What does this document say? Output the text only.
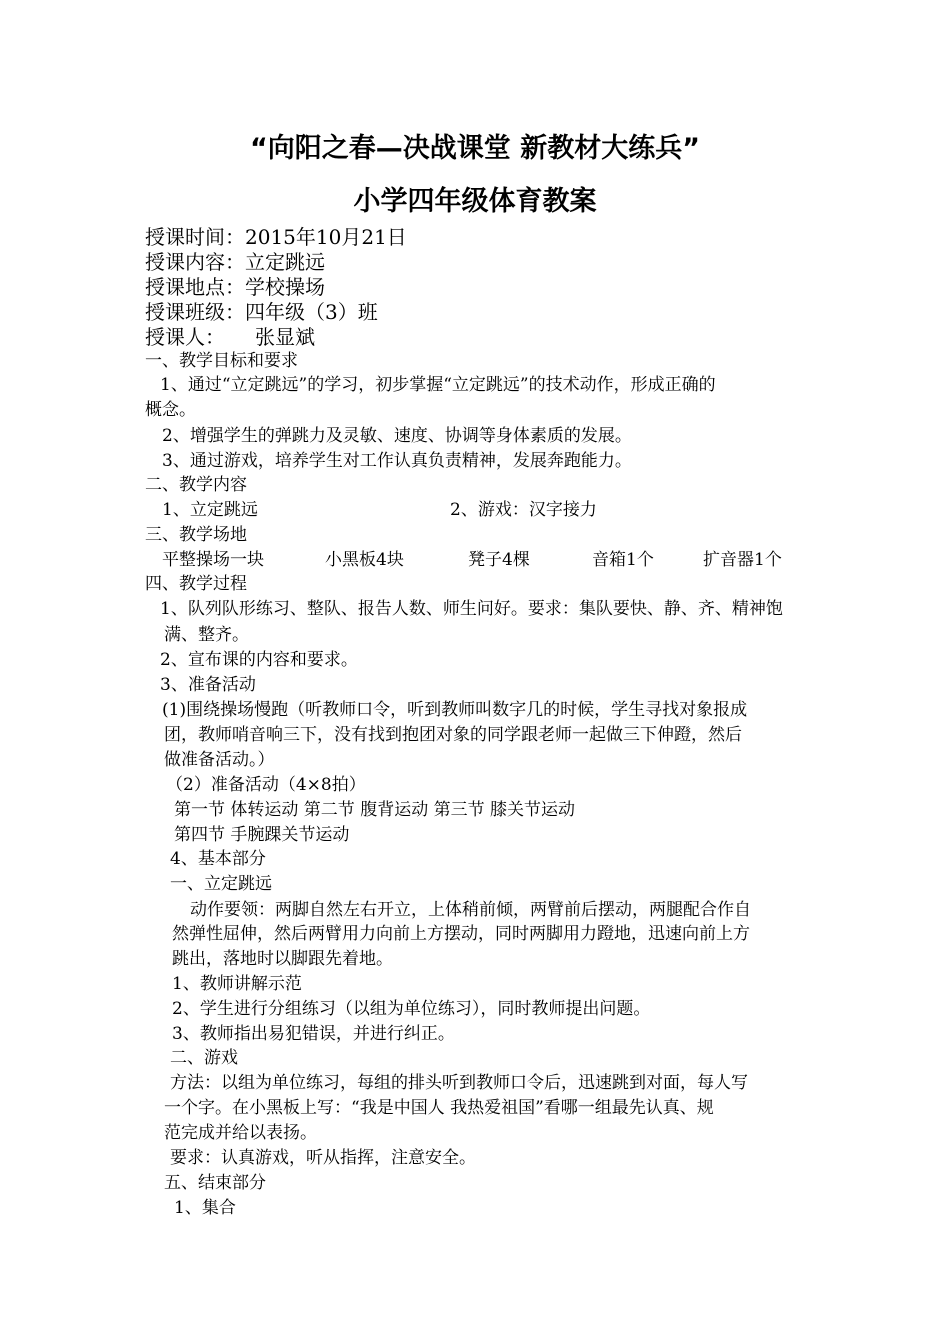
“向阳之春—决战课堂 新教材大练兵”
小学四年级体育教案
授课时间：2015年10月21日
授课内容：立定跳远
授课地点：学校操场
授课班级：四年级（3）班
授课人： 张显斌
一、教学目标和要求
1、通过“立定跳远”的学习，初步掌握“立定跳远”的技术动作，形成正确的
概念。
2、增强学生的弹跳力及灵敏、速度、协调等身体素质的发展。
3、通过游戏，培养学生对工作认真负责精神，发展奔跑能力。
二、教学内容
1、立定跳远	2、游戏：汉字接力
三、教学场地
平整操场一块	小黑板4块	凳子4棵	音箱1个	扩音器1个
四、教学过程
1、队列队形练习、整队、报告人数、师生问好。要求：集队要快、静、齐、精神饱
满、整齐。
2、宣布课的内容和要求。
3、准备活动
(1)围绕操场慢跑（听教师口令，听到教师叫数字几的时候，学生寻找对象报成
团，教师哨音响三下，没有找到抱团对象的同学跟老师一起做三下伸蹬，然后
做准备活动。）
（2）准备活动（4×8拍）
第一节 体转运动 第二节 腹背运动 第三节 膝关节运动
第四节 手腕踝关节运动
4、基本部分
一、立定跳远
动作要领：两脚自然左右开立，上体稍前倾，两臂前后摆动，两腿配合作自
然弹性屈伸，然后两臂用力向前上方摆动，同时两脚用力蹬地，迅速向前上方
跳出，落地时以脚跟先着地。
1、教师讲解示范
2、学生进行分组练习（以组为单位练习），同时教师提出问题。
3、教师指出易犯错误，并进行纠正。
二、游戏
方法：以组为单位练习，每组的排头听到教师口令后，迅速跳到对面，每人写
一个字。在小黑板上写：“我是中国人 我热爱祖国”看哪一组最先认真、规
范完成并给以表扬。
要求：认真游戏，听从指挥，注意安全。
五、结束部分
1、集合
